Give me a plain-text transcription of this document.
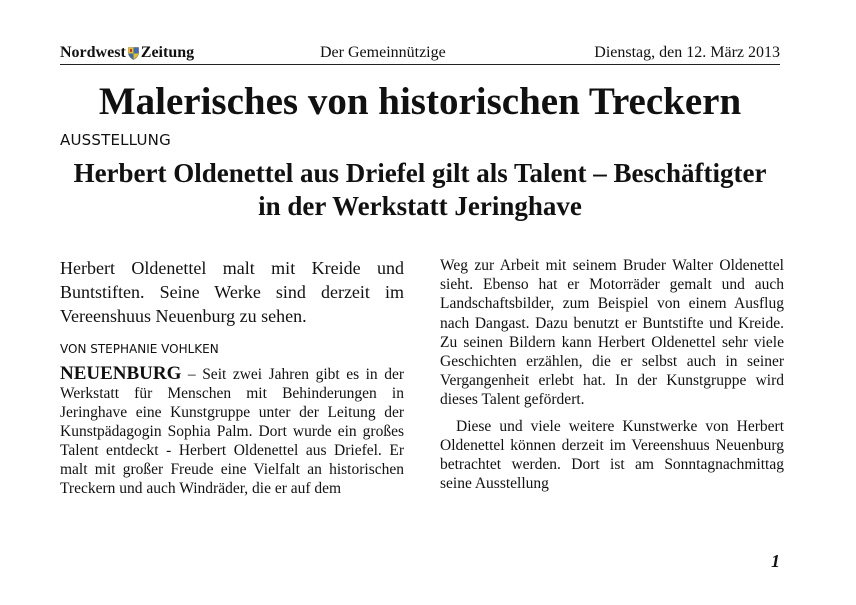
Nordwest Zeitung	Der Gemeinnützige	Dienstag, den 12. März 2013
Malerisches von historischen Treckern
AUSSTELLUNG
Herbert Oldenettel aus Driefel gilt als Talent – Beschäftigter in der Werkstatt Jeringhave

Herbert Oldenettel malt mit Kreide und Buntstiften. Seine Werke sind derzeit im Vereenshuus Neuenburg zu sehen.

VON STEPHANIE VOHLKEN

NEUENBURG – Seit zwei Jahren gibt es in der Werkstatt für Menschen mit Behinderungen in Jeringhave eine Kunstgruppe unter der Leitung der Kunstpädagogin Sophia Palm. Dort wurde ein großes Talent entdeckt - Herbert Oldenettel aus Driefel. Er malt mit großer Freude eine Vielfalt an historischen Treckern und auch Windräder, die er auf dem

Weg zur Arbeit mit seinem Bruder Walter Oldenettel sieht. Ebenso hat er Motorräder gemalt und auch Landschaftsbilder, zum Beispiel von einem Ausflug nach Dangast. Dazu benutzt er Buntstifte und Kreide. Zu seinen Bildern kann Herbert Oldenettel sehr viele Geschichten erzählen, die er selbst auch in seiner Vergangenheit erlebt hat. In der Kunstgruppe wird dieses Talent gefördert.

Diese und viele weitere Kunstwerke von Herbert Oldenettel können derzeit im Vereenshuus Neuenburg betrachtet werden. Dort ist am Sonntagnachmittag seine Ausstellung

1
